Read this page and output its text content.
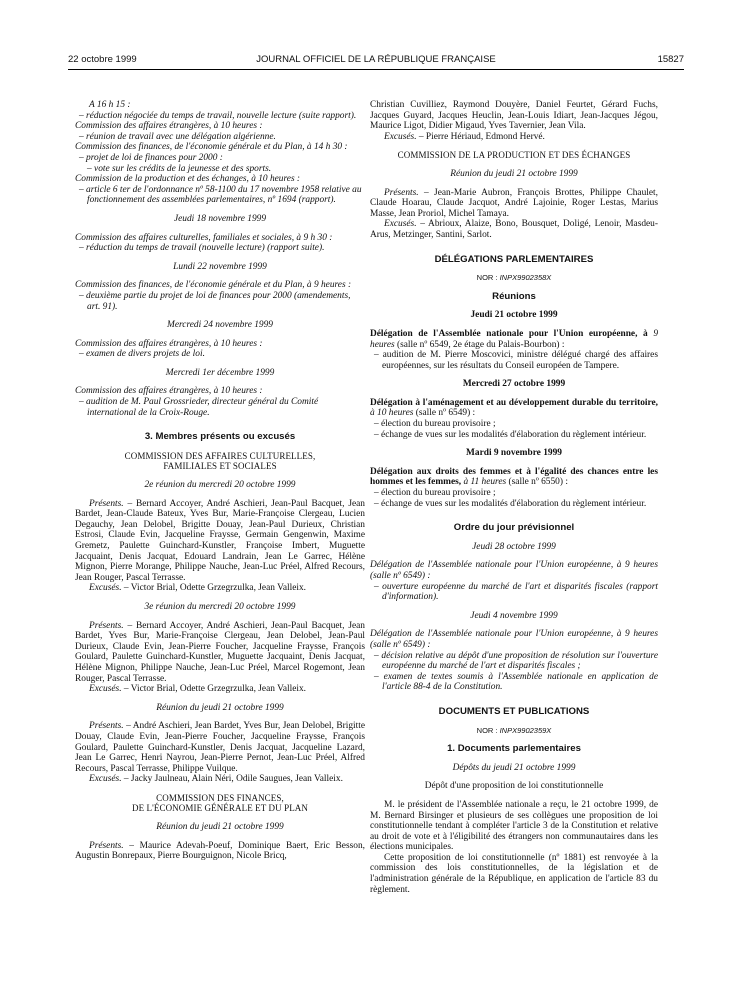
22 octobre 1999	JOURNAL OFFICIEL DE LA RÉPUBLIQUE FRANÇAISE	15827

A 16 h 15 :

– réduction négociée du temps de travail, nouvelle lecture (suite rapport).

Commission des affaires étrangères, à 10 heures :

– réunion de travail avec une délégation algérienne.

Commission des finances, de l'économie générale et du Plan, à 14 h 30 :

– projet de loi de finances pour 2000 :

– vote sur les crédits de la jeunesse et des sports.

Commission de la production et des échanges, à 10 heures :

– article 6 ter de l'ordonnance nº 58-1100 du 17 novembre 1958 relative au fonctionnement des assemblées parlementaires, nº 1694 (rapport).

Jeudi 18 novembre 1999

Commission des affaires culturelles, familiales et sociales, à 9 h 30 :

– réduction du temps de travail (nouvelle lecture) (rapport suite).

Lundi 22 novembre 1999

Commission des finances, de l'économie générale et du Plan, à 9 heures :

– deuxième partie du projet de loi de finances pour 2000 (amendements, art. 91).

Mercredi 24 novembre 1999

Commission des affaires étrangères, à 10 heures :

– examen de divers projets de loi.

Mercredi 1er décembre 1999

Commission des affaires étrangères, à 10 heures :

– audition de M. Paul Grossrieder, directeur général du Comité international de la Croix-Rouge.

3. Membres présents ou excusés

COMMISSION DES AFFAIRES CULTURELLES,

FAMILIALES ET SOCIALES

2e réunion du mercredi 20 octobre 1999

Présents. – Bernard Accoyer, André Aschieri, Jean-Paul Bacquet, Jean Bardet, Jean-Claude Bateux, Yves Bur, Marie-Françoise Clergeau, Lucien Degauchy, Jean Delobel, Brigitte Douay, Jean-Paul Durieux, Christian Estrosi, Claude Evin, Jacqueline Fraysse, Germain Gengenwin, Maxime Gremetz, Paulette Guinchard-Kunstler, Françoise Imbert, Muguette Jacquaint, Denis Jacquat, Edouard Landrain, Jean Le Garrec, Hélène Mignon, Pierre Morange, Philippe Nauche, Jean-Luc Préel, Alfred Recours, Jean Rouger, Pascal Terrasse.

Excusés. – Victor Brial, Odette Grzegrzulka, Jean Valleix.

3e réunion du mercredi 20 octobre 1999

Présents. – Bernard Accoyer, André Aschieri, Jean-Paul Bacquet, Jean Bardet, Yves Bur, Marie-Françoise Clergeau, Jean Delobel, Jean-Paul Durieux, Claude Evin, Jean-Pierre Foucher, Jacqueline Fraysse, François Goulard, Paulette Guinchard-Kunstler, Muguette Jacquaint, Denis Jacquat, Hélène Mignon, Philippe Nauche, Jean-Luc Préel, Marcel Rogemont, Jean Rouger, Pascal Terrasse.

Excusés. – Victor Brial, Odette Grzegrzulka, Jean Valleix.

Réunion du jeudi 21 octobre 1999

Présents. – André Aschieri, Jean Bardet, Yves Bur, Jean Delobel, Brigitte Douay, Claude Evin, Jean-Pierre Foucher, Jacqueline Fraysse, François Goulard, Paulette Guinchard-Kunstler, Denis Jacquat, Jacqueline Lazard, Jean Le Garrec, Henri Nayrou, Jean-Pierre Pernot, Jean-Luc Préel, Alfred Recours, Pascal Terrasse, Philippe Vuilque.

Excusés. – Jacky Jaulneau, Alain Néri, Odile Saugues, Jean Valleix.

COMMISSION DES FINANCES,

DE L'ÉCONOMIE GÉNÉRALE ET DU PLAN

Réunion du jeudi 21 octobre 1999

Présents. – Maurice Adevah-Poeuf, Dominique Baert, Eric Besson, Augustin Bonrepaux, Pierre Bourguignon, Nicole Bricq,

Christian Cuvilliez, Raymond Douyère, Daniel Feurtet, Gérard Fuchs, Jacques Guyard, Jacques Heuclin, Jean-Louis Idiart, Jean-Jacques Jégou, Maurice Ligot, Didier Migaud, Yves Tavernier, Jean Vila.

Excusés. – Pierre Hériaud, Edmond Hervé.

COMMISSION DE LA PRODUCTION ET DES ÉCHANGES

Réunion du jeudi 21 octobre 1999

Présents. – Jean-Marie Aubron, François Brottes, Philippe Chaulet, Claude Hoarau, Claude Jacquot, André Lajoinie, Roger Lestas, Marius Masse, Jean Proriol, Michel Tamaya.

Excusés. – Abrioux, Alaize, Bono, Bousquet, Doligé, Lenoir, Masdeu-Arus, Metzinger, Santini, Sarlot.

DÉLÉGATIONS PARLEMENTAIRES

NOR : INPX9902358X

Réunions

Jeudi 21 octobre 1999

Délégation de l'Assemblée nationale pour l'Union européenne, à 9 heures (salle nº 6549, 2e étage du Palais-Bourbon) :

– audition de M. Pierre Moscovici, ministre délégué chargé des affaires européennes, sur les résultats du Conseil européen de Tampere.

Mercredi 27 octobre 1999

Délégation à l'aménagement et au développement durable du territoire, à 10 heures (salle nº 6549) :

– élection du bureau provisoire ;

– échange de vues sur les modalités d'élaboration du règlement intérieur.

Mardi 9 novembre 1999

Délégation aux droits des femmes et à l'égalité des chances entre les hommes et les femmes, à 11 heures (salle nº 6550) :

– élection du bureau provisoire ;

– échange de vues sur les modalités d'élaboration du règlement intérieur.

Ordre du jour prévisionnel

Jeudi 28 octobre 1999

Délégation de l'Assemblée nationale pour l'Union européenne, à 9 heures (salle nº 6549) :

– ouverture européenne du marché de l'art et disparités fiscales (rapport d'information).

Jeudi 4 novembre 1999

Délégation de l'Assemblée nationale pour l'Union européenne, à 9 heures (salle nº 6549) :

– décision relative au dépôt d'une proposition de résolution sur l'ouverture européenne du marché de l'art et disparités fiscales ;

– examen de textes soumis à l'Assemblée nationale en application de l'article 88-4 de la Constitution.

DOCUMENTS ET PUBLICATIONS

NOR : INPX9902359X

1. Documents parlementaires

Dépôts du jeudi 21 octobre 1999

Dépôt d'une proposition de loi constitutionnelle

M. le président de l'Assemblée nationale a reçu, le 21 octobre 1999, de M. Bernard Birsinger et plusieurs de ses collègues une proposition de loi constitutionnelle tendant à compléter l'article 3 de la Constitution et relative au droit de vote et à l'éligibilité des étrangers non communautaires dans les élections municipales.

Cette proposition de loi constitutionnelle (nº 1881) est renvoyée à la commission des lois constitutionnelles, de la législation et de l'administration générale de la République, en application de l'article 83 du règlement.
